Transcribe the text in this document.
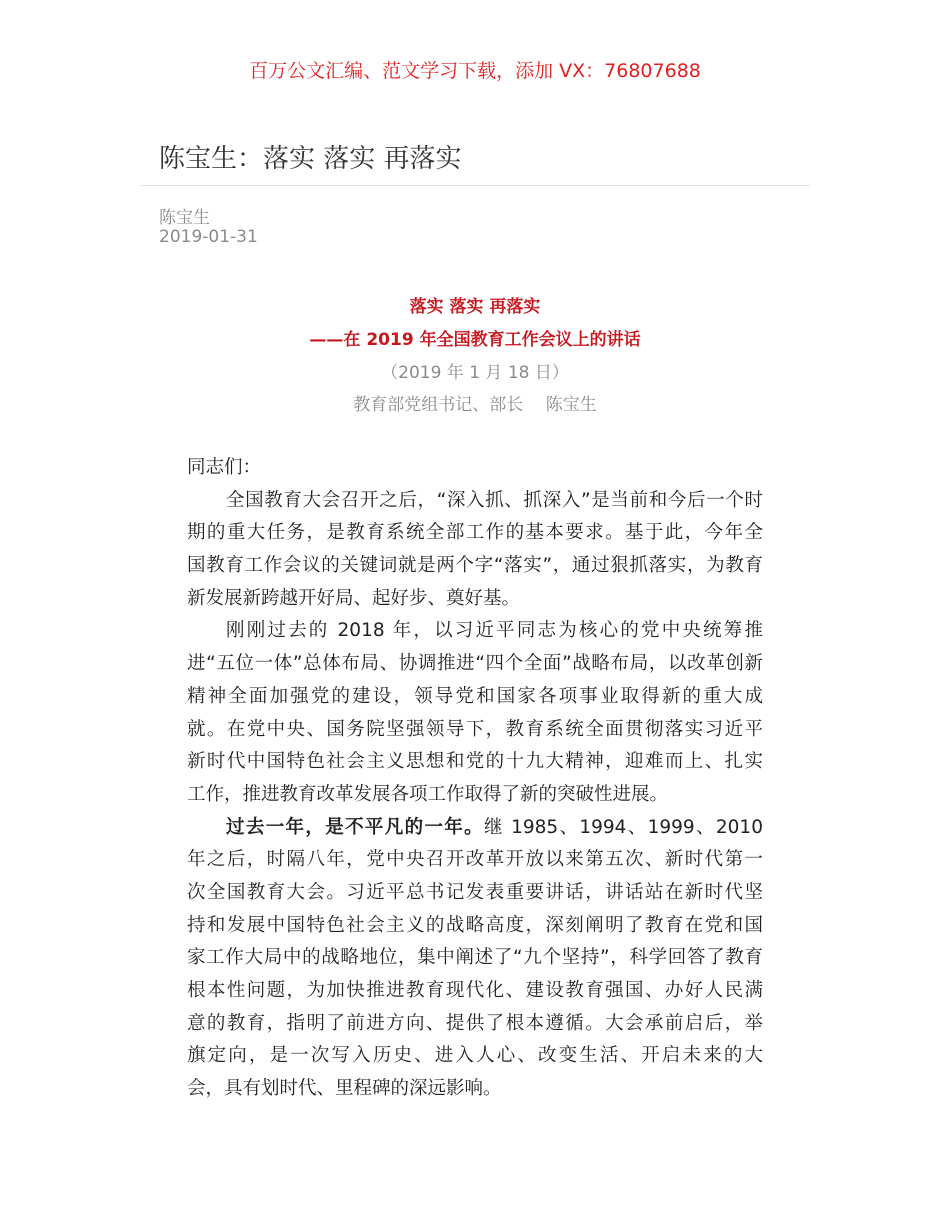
百万公文汇编、范文学习下载，添加 VX：76807688
陈宝生：落实 落实 再落实
陈宝生
2019-01-31
落实 落实 再落实
——在 2019 年全国教育工作会议上的讲话
（2019 年 1 月 18 日）
教育部党组书记、部长　 陈宝生
同志们：
全国教育大会召开之后，“深入抓、抓深入”是当前和今后一个时
期的重大任务，是教育系统全部工作的基本要求。基于此，今年全
国教育工作会议的关键词就是两个字“落实”，通过狠抓落实，为教育
新发展新跨越开好局、起好步、奠好基。
刚刚过去的 2018 年，以习近平同志为核心的党中央统筹推
进“五位一体”总体布局、协调推进“四个全面”战略布局，以改革创新
精神全面加强党的建设，领导党和国家各项事业取得新的重大成
就。在党中央、国务院坚强领导下，教育系统全面贯彻落实习近平
新时代中国特色社会主义思想和党的十九大精神，迎难而上、扎实
工作，推进教育改革发展各项工作取得了新的突破性进展。
过去一年，是不平凡的一年。继 1985、1994、1999、2010
年之后，时隔八年，党中央召开改革开放以来第五次、新时代第一
次全国教育大会。习近平总书记发表重要讲话，讲话站在新时代坚
持和发展中国特色社会主义的战略高度，深刻阐明了教育在党和国
家工作大局中的战略地位，集中阐述了“九个坚持”，科学回答了教育
根本性问题，为加快推进教育现代化、建设教育强国、办好人民满
意的教育，指明了前进方向、提供了根本遵循。大会承前启后，举
旗定向，是一次写入历史、进入人心、改变生活、开启未来的大
会，具有划时代、里程碑的深远影响。
